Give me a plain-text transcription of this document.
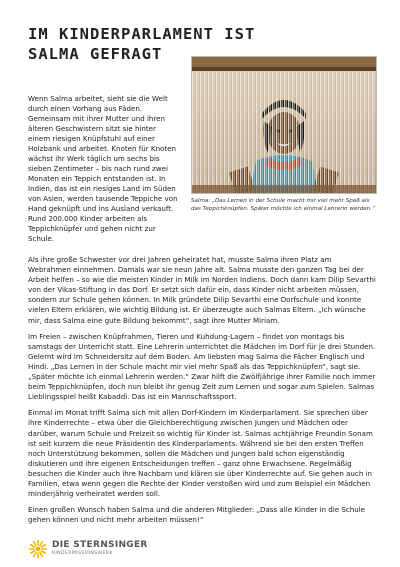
IM KINDERPARLAMENT IST
SALMA GEFRAGT

Wenn Salma arbeitet, sieht sie die Welt durch einen Vorhang aus Fäden. Gemeinsam mit ihrer Mutter und ihren älteren Geschwistern sitzt sie hinter einem riesigen Knüpfstuhl auf einer Holzbank und arbeitet. Knoten für Knoten wächst ihr Werk täglich um sechs bis sieben Zentimeter – bis nach rund zwei Monaten ein Teppich entstanden ist. In Indien, das ist ein riesiges Land im Süden von Asien, werden tausende Teppiche von Hand geknüpft und ins Ausland verkauft. Rund 200.000 Kinder arbeiten als Teppichknüpfer und gehen nicht zur Schule.

Salma: „Das Lernen in der Schule macht mir viel mehr Spaß als das Teppichknüpfen. Später möchte ich einmal Lehrerin werden.“

Als ihre große Schwester vor drei Jahren geheiratet hat, musste Salma ihren Platz am Webrahmen einnehmen. Damals war sie neun Jahre alt. Salma musste den ganzen Tag bei der Arbeit helfen – so wie die meisten Kinder in Milk im Norden Indiens. Doch dann kam Dilip Sevarthi von der Vikas-Stiftung in das Dorf. Er setzt sich dafür ein, dass Kinder nicht arbeiten müssen, sondern zur Schule gehen können. In Milk gründete Dilip Sevarthi eine Dorfschule und konnte vielen Eltern erklären, wie wichtig Bildung ist. Er überzeugte auch Salmas Eltern. „Ich wünsche mir, dass Salma eine gute Bildung bekommt“, sagt ihre Mutter Miriam.

Im Freien – zwischen Knüpfrahmen, Tieren und Kuhdung-Lagern – findet von montags bis samstags der Unterricht statt. Eine Lehrerin unterrichtet die Mädchen im Dorf für je drei Stunden. Gelernt wird im Schneidersitz auf dem Boden. Am liebsten mag Salma die Fächer Englisch und Hindi. „Das Lernen in der Schule macht mir viel mehr Spaß als das Teppichknüpfen“, sagt sie. „Später möchte ich einmal Lehrerin werden.“ Zwar hilft die Zwölfjährige ihrer Familie noch immer beim Teppichknüpfen, doch nun bleibt ihr genug Zeit zum Lernen und sogar zum Spielen. Salmas Lieblingsspiel heißt Kabaddi. Das ist ein Mannschaftssport.

Einmal im Monat trifft Salma sich mit allen Dorf-Kindern im Kinderparlament. Sie sprechen über ihre Kinderrechte – etwa über die Gleichberechtigung zwischen Jungen und Mädchen oder darüber, warum Schule und Freizeit so wichtig für Kinder ist. Salmas achtjährige Freundin Sonam ist seit kurzem die neue Präsidentin des Kinderparlaments. Während sie bei den ersten Treffen noch Unterstützung bekommen, sollen die Mädchen und Jungen bald schon eigenständig diskutieren und ihre eigenen Entscheidungen treffen – ganz ohne Erwachsene. Regelmäßig besuchen die Kinder auch ihre Nachbarn und klären sie über Kinderrechte auf. Sie gehen auch in Familien, etwa wenn gegen die Rechte der Kinder verstoßen wird und zum Beispiel ein Mädchen minderjährig verheiratet werden soll.

Einen großen Wunsch haben Salma und die anderen Mitglieder: „Dass alle Kinder in die Schule gehen können und nicht mehr arbeiten müssen!“

DIE STERNSINGER
KINDERMISSIONSWERK
